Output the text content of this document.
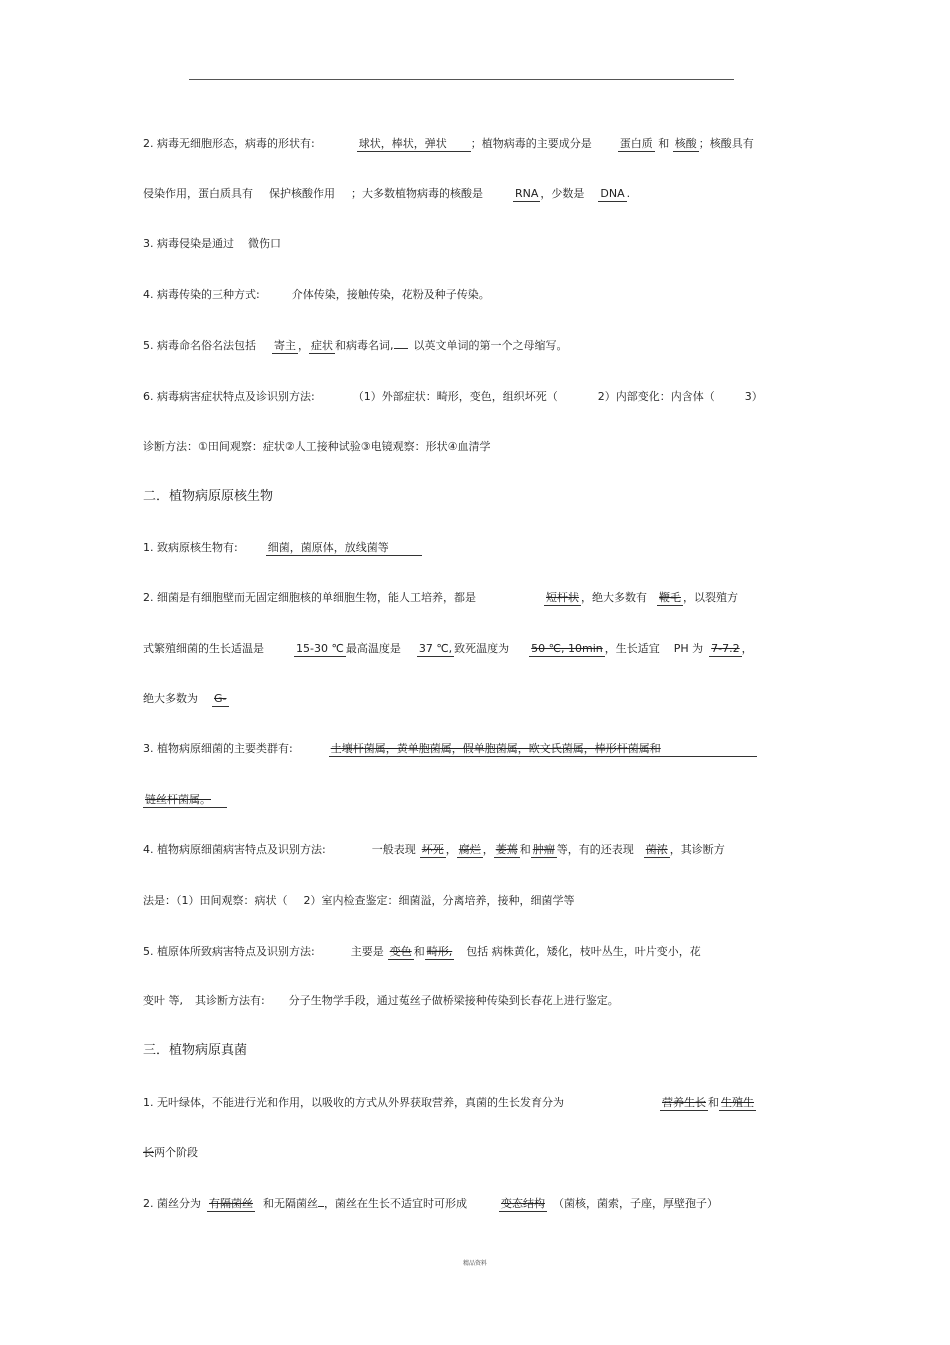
2. 病毒无细胞形态，病毒的形状有:	球状，棒状，弹状 ；植物病毒的主要成分是	蛋白质 和 核酸 ；核酸具有
侵染作用，蛋白质具有 保护核酸作用 ；大多数植物病毒的核酸是	RNA ，少数是 DNA .
3. 病毒侵染是通过 微伤口
4. 病毒传染的三种方式:	介体传染，接触传染，花粉及种子传染。
5. 病毒命名俗名法包括 寄主 ， 症状 和病毒名词, 以英文单词的第一个之母缩写。
6. 病毒病害症状特点及诊识别方法:	（1）外部症状：畸形，变色，组织坏死（	2）内部变化：内含体（	3）
诊断方法：①田间观察：症状②人工接种试验③电镜观察：形状④血清学
二．植物病原原核生物
1. 致病原核生物有:	细菌，菌原体，放线菌等
2. 细菌是有细胞壁而无固定细胞核的单细胞生物，能人工培养，都是	短杆状 ，绝大多数有 鞭毛 ，以裂殖方
式繁殖细菌的生长适温是	15-30 ℃ 最高温度是 37 ℃, 致死温度为 50 ℃, 10min ，生长适宜 PH 为 7-7.2 ，
绝大多数为 G-
3. 植物病原细菌的主要类群有:	土壤杆菌属，黄单胞菌属，假单胞菌属，欧文氏菌属，棒形杆菌属和
链丝杆菌属。
4. 植物病原细菌病害特点及识别方法:	一般表现 坏死 ， 腐烂 ， 萎蔫 和 肿瘤 等，有的还表现 菌浓 ，其诊断方
法是：（1）田间观察：病状（ 2）室内检查鉴定：细菌溢，分离培养，接种，细菌学等
5. 植原体所致病害特点及识别方法:	主要是 变色 和 畸形, 包括 病株黄化，矮化，枝叶丛生，叶片变小，花
变叶 等, 其诊断方法有: 分子生物学手段，通过菟丝子做桥梁接种传染到长春花上进行鉴定。
三．植物病原真菌
1. 无叶绿体，不能进行光和作用，以吸收的方式从外界获取营养，真菌的生长发育分为	营养生长 和 生殖生
长两个阶段
2. 菌丝分为 有隔菌丝 和无隔菌丝 ，菌丝在生长不适宜时可形成	变态结构 （菌核，菌索，子座，厚壁孢子）
精品资料
